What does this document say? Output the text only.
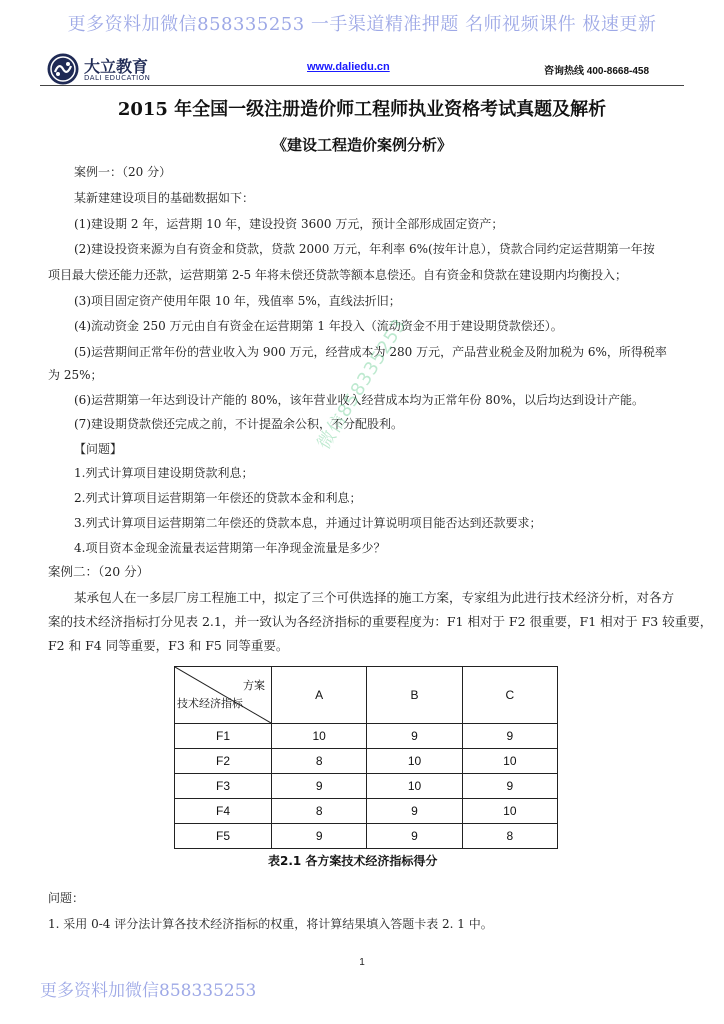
更多资料加微信858335253 一手渠道精准押题 名师视频课件 极速更新
大立教育
DALI EDUCATION
www.daliedu.cn	咨询热线 400-8668-458
2015 年全国一级注册造价师工程师执业资格考试真题及解析
《建设工程造价案例分析》
案例一：（20 分）
某新建建设项目的基础数据如下：
(1)建设期 2 年，运营期 10 年，建设投资 3600 万元，预计全部形成固定资产；
(2)建设投资来源为自有资金和贷款，贷款 2000 万元，年利率 6%(按年计息），贷款合同约定运营期第一年按
项目最大偿还能力还款，运营期第 2-5 年将未偿还贷款等额本息偿还。自有资金和贷款在建设期内均衡投入；
(3)项目固定资产使用年限 10 年，残值率 5%，直线法折旧；
(4)流动资金 250 万元由自有资金在运营期第 1 年投入（流动资金不用于建设期贷款偿还）。
(5)运营期间正常年份的营业收入为 900 万元，经营成本为 280 万元，产品营业税金及附加税为 6%，所得税率
为 25%；
(6)运营期第一年达到设计产能的 80%，该年营业收入经营成本均为正常年份 80%，以后均达到设计产能。
(7)建设期贷款偿还完成之前，不计提盈余公积，不分配股利。
【问题】
1.列式计算项目建设期贷款利息；
2.列式计算项目运营期第一年偿还的贷款本金和利息；
3.列式计算项目运营期第二年偿还的贷款本息，并通过计算说明项目能否达到还款要求；
4.项目资本金现金流量表运营期第一年净现金流量是多少？
微信858335253
案例二：（20 分）
某承包人在一多层厂房工程施工中，拟定了三个可供选择的施工方案，专家组为此进行技术经济分析，对各方
案的技术经济指标打分见表 2.1，并一致认为各经济指标的重要程度为：F1 相对于 F2 很重要，F1 相对于 F3 较重要，
F2 和 F4 同等重要，F3 和 F5 同等重要。
方案
技术经济指标	A	B	C
F1	10	9	9
F2	8	10	10
F3	9	10	9
F4	8	9	10
F5	9	9	8
表2.1 各方案技术经济指标得分
问题：
1. 采用 0-4 评分法计算各技术经济指标的权重，将计算结果填入答题卡表 2. 1 中。
1
更多资料加微信858335253
